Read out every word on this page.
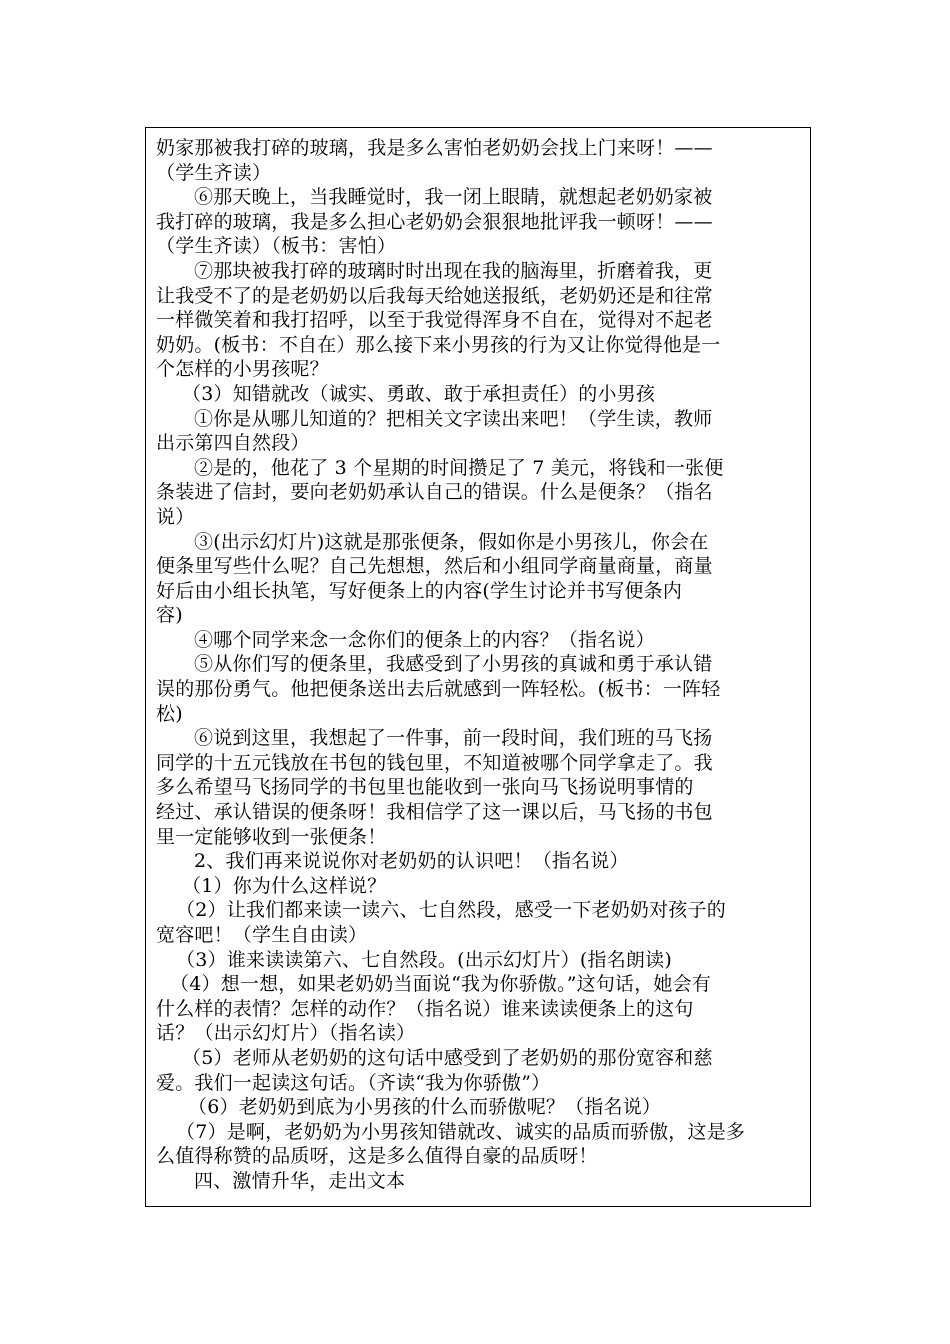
奶家那被我打碎的玻璃，我是多么害怕老奶奶会找上门来呀！——
（学生齐读）
⑥那天晚上，当我睡觉时，我一闭上眼睛，就想起老奶奶家被
我打碎的玻璃，我是多么担心老奶奶会狠狠地批评我一顿呀！——
（学生齐读）（板书：害怕）
⑦那块被我打碎的玻璃时时出现在我的脑海里，折磨着我，更
让我受不了的是老奶奶以后我每天给她送报纸，老奶奶还是和往常
一样微笑着和我打招呼，以至于我觉得浑身不自在，觉得对不起老
奶奶。(板书：不自在）那么接下来小男孩的行为又让你觉得他是一
个怎样的小男孩呢？
（3）知错就改（诚实、勇敢、敢于承担责任）的小男孩
①你是从哪儿知道的？把相关文字读出来吧！（学生读，教师
出示第四自然段）
②是的，他花了 3 个星期的时间攒足了 7 美元，将钱和一张便
条装进了信封，要向老奶奶承认自己的错误。什么是便条？（指名
说）
③(出示幻灯片)这就是那张便条，假如你是小男孩儿，你会在
便条里写些什么呢？自己先想想，然后和小组同学商量商量，商量
好后由小组长执笔，写好便条上的内容(学生讨论并书写便条内
容)
④哪个同学来念一念你们的便条上的内容？（指名说）
⑤从你们写的便条里，我感受到了小男孩的真诚和勇于承认错
误的那份勇气。他把便条送出去后就感到一阵轻松。(板书：一阵轻
松)
⑥说到这里，我想起了一件事，前一段时间，我们班的马飞扬
同学的十五元钱放在书包的钱包里，不知道被哪个同学拿走了。我
多么希望马飞扬同学的书包里也能收到一张向马飞扬说明事情的
经过、承认错误的便条呀！我相信学了这一课以后，马飞扬的书包
里一定能够收到一张便条！
2、我们再来说说你对老奶奶的认识吧！（指名说）
（1）你为什么这样说？
（2）让我们都来读一读六、七自然段，感受一下老奶奶对孩子的
宽容吧！（学生自由读）
（3）谁来读读第六、七自然段。(出示幻灯片）(指名朗读)
（4）想一想，如果老奶奶当面说“我为你骄傲。”这句话，她会有
什么样的表情？怎样的动作？（指名说）谁来读读便条上的这句
话？（出示幻灯片）（指名读）
（5）老师从老奶奶的这句话中感受到了老奶奶的那份宽容和慈
爱。我们一起读这句话。（齐读“我为你骄傲”）
（6）老奶奶到底为小男孩的什么而骄傲呢？（指名说）
（7）是啊，老奶奶为小男孩知错就改、诚实的品质而骄傲，这是多
么值得称赞的品质呀，这是多么值得自豪的品质呀！
四、激情升华，走出文本
